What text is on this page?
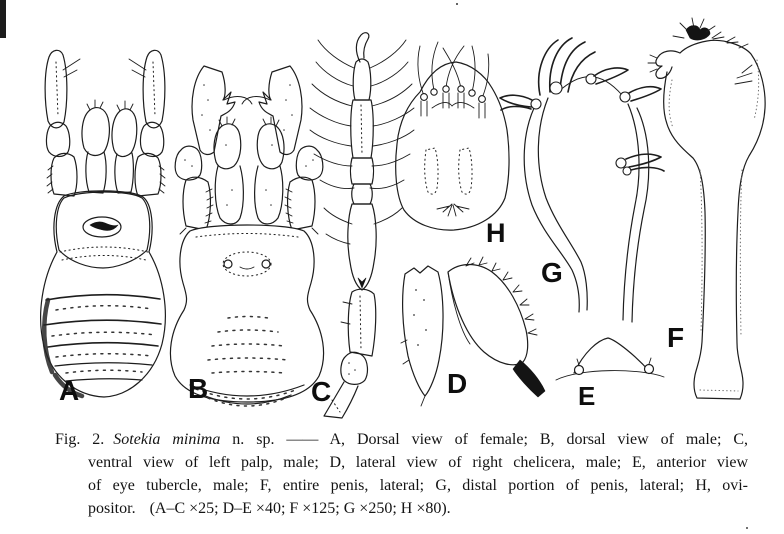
A	B	C	D	E
F
G
H
Fig. 2. Sotekia minima n. sp. —— A, Dorsal view of female; B, dorsal view of male; C,
ventral view of left palp, male; D, lateral view of right chelicera, male; E, anterior view
of eye tubercle, male; F, entire penis, lateral; G, distal portion of penis, lateral; H, ovi-
positor. (A–C ×25; D–E ×40; F ×125; G ×250; H ×80).
